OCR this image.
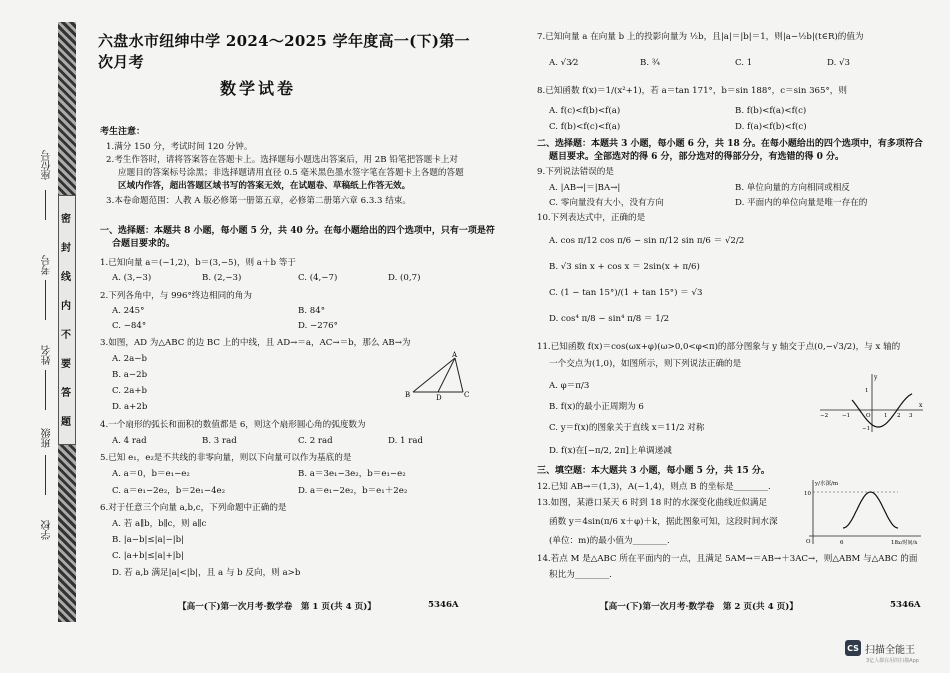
密
封
线
内
不
要
答
题
座位号
考号
姓名
班级
学校
六盘水市纽绅中学 2024～2025 学年度高一(下)第一次月考
数学试卷
考生注意：
1.满分 150 分，考试时间 120 分钟。
2.考生作答时，请将答案答在答题卡上。选择题每小题选出答案后，用 2B 铅笔把答题卡上对
应题目的答案标号涂黑；非选择题请用直径 0.5 毫米黑色墨水签字笔在答题卡上各题的答题
区域内作答，超出答题区域书写的答案无效，在试题卷、草稿纸上作答无效。
3.本卷命题范围：人教 A 版必修第一册第五章，必修第二册第六章 6.3.3 结束。
一、选择题：本题共 8 小题，每小题 5 分，共 40 分。在每小题给出的四个选项中，只有一项是符
合题目要求的。
1.已知向量 a＝(−1,2)，b＝(3,−5)，则 a＋b 等于
A. (3,−3)	B. (2,−3)	C. (4,−7)	D. (0,7)
2.下列各角中，与 996°终边相同的角为
A. 245°	B. 84°
C. −84°	D. −276°
3.如图，AD 为△ABC 的边 BC 上的中线，且 AD→＝a，AC→＝b，那么 AB→为
A. 2a−b
B. a−2b
C. 2a+b
D. a+2b
A
B	C
D
4.一个扇形的弧长和面积的数值都是 6，则这个扇形圆心角的弧度数为
A. 4 rad	B. 3 rad	C. 2 rad	D. 1 rad
5.已知 e₁，e₂是不共线的非零向量，则以下向量可以作为基底的是
A. a＝0，b＝e₁−e₂	B. a＝3e₁−3e₂，b＝e₁−e₂
C. a＝e₁−2e₂，b＝2e₁−4e₂	D. a＝e₁−2e₂，b＝e₁＋2e₂
6.对于任意三个向量 a,b,c，下列命题中正确的是
A. 若 a∥b，b∥c，则 a∥c
B. |a−b|≤|a|−|b|
C. |a+b|≤|a|+|b|
D. 若 a,b 满足|a|<|b|，且 a 与 b 反向，则 a>b
【高一(下)第一次月考·数学卷　第 1 页(共 4 页)】	5346A
7.已知向量 a 在向量 b 上的投影向量为 ½b，且|a|＝|b|＝1，则|a−½b|(t∈R)的值为
A. √3⁄2	B. ¾	C. 1	D. √3
8.已知函数 f(x)＝1/(x²+1)，若 a＝tan 171°，b＝sin 188°，c＝sin 365°，则
A. f(c)<f(b)<f(a)	B. f(b)<f(a)<f(c)
C. f(b)<f(c)<f(a)	D. f(a)<f(b)<f(c)
二、选择题：本题共 3 小题，每小题 6 分，共 18 分。在每小题给出的四个选项中，有多项符合
题目要求。全部选对的得 6 分，部分选对的得部分分，有选错的得 0 分。
9.下列说法错误的是
A. |AB→|＝|BA→|	B. 单位向量的方向相同或相反
C. 零向量没有大小，没有方向	D. 平面内的单位向量是唯一存在的
10.下列表达式中，正确的是
A. cos π/12 cos π/6 − sin π/12 sin π/6 ＝ √2/2
B. √3 sin x + cos x ＝ 2sin(x + π/6)
C. (1 − tan 15°)/(1 + tan 15°) ＝ √3
D. cos⁴ π/8 − sin⁴ π/8 ＝ 1/2
11.已知函数 f(x)＝cos(ωx+φ)(ω>0,0<φ<π)的部分图象与 y 轴交于点(0,−√3/2)，与 x 轴的
一个交点为(1,0)，如图所示，则下列说法正确的是
A. φ＝π/3
B. f(x)的最小正周期为 6
C. y＝f(x)的图象关于直线 x＝11/2 对称
D. f(x)在[−π/2, 2π]上单调递减
x
y
O
−2	−1	1 2 3
1
−1
三、填空题：本大题共 3 小题，每小题 5 分，共 15 分。
12.已知 AB→＝(1,3)，A(−1,4)，则点 B 的坐标是________.
13.如图，某港口某天 6 时到 18 时的水深变化曲线近似满足
函数 y＝4sin(π/6 x＋φ)＋k，据此图象可知，这段时间水深
(单位：m)的最小值为________.
y/水深/m
x/时间/h
O
10
6	18
14.若点 M 是△ABC 所在平面内的一点，且满足 5AM→＝AB→＋3AC→，则△ABM 与△ABC 的面
积比为________.
【高一(下)第一次月考·数学卷　第 2 页(共 4 页)】	5346A
CS 扫描全能王
3亿人都在用的扫描App
